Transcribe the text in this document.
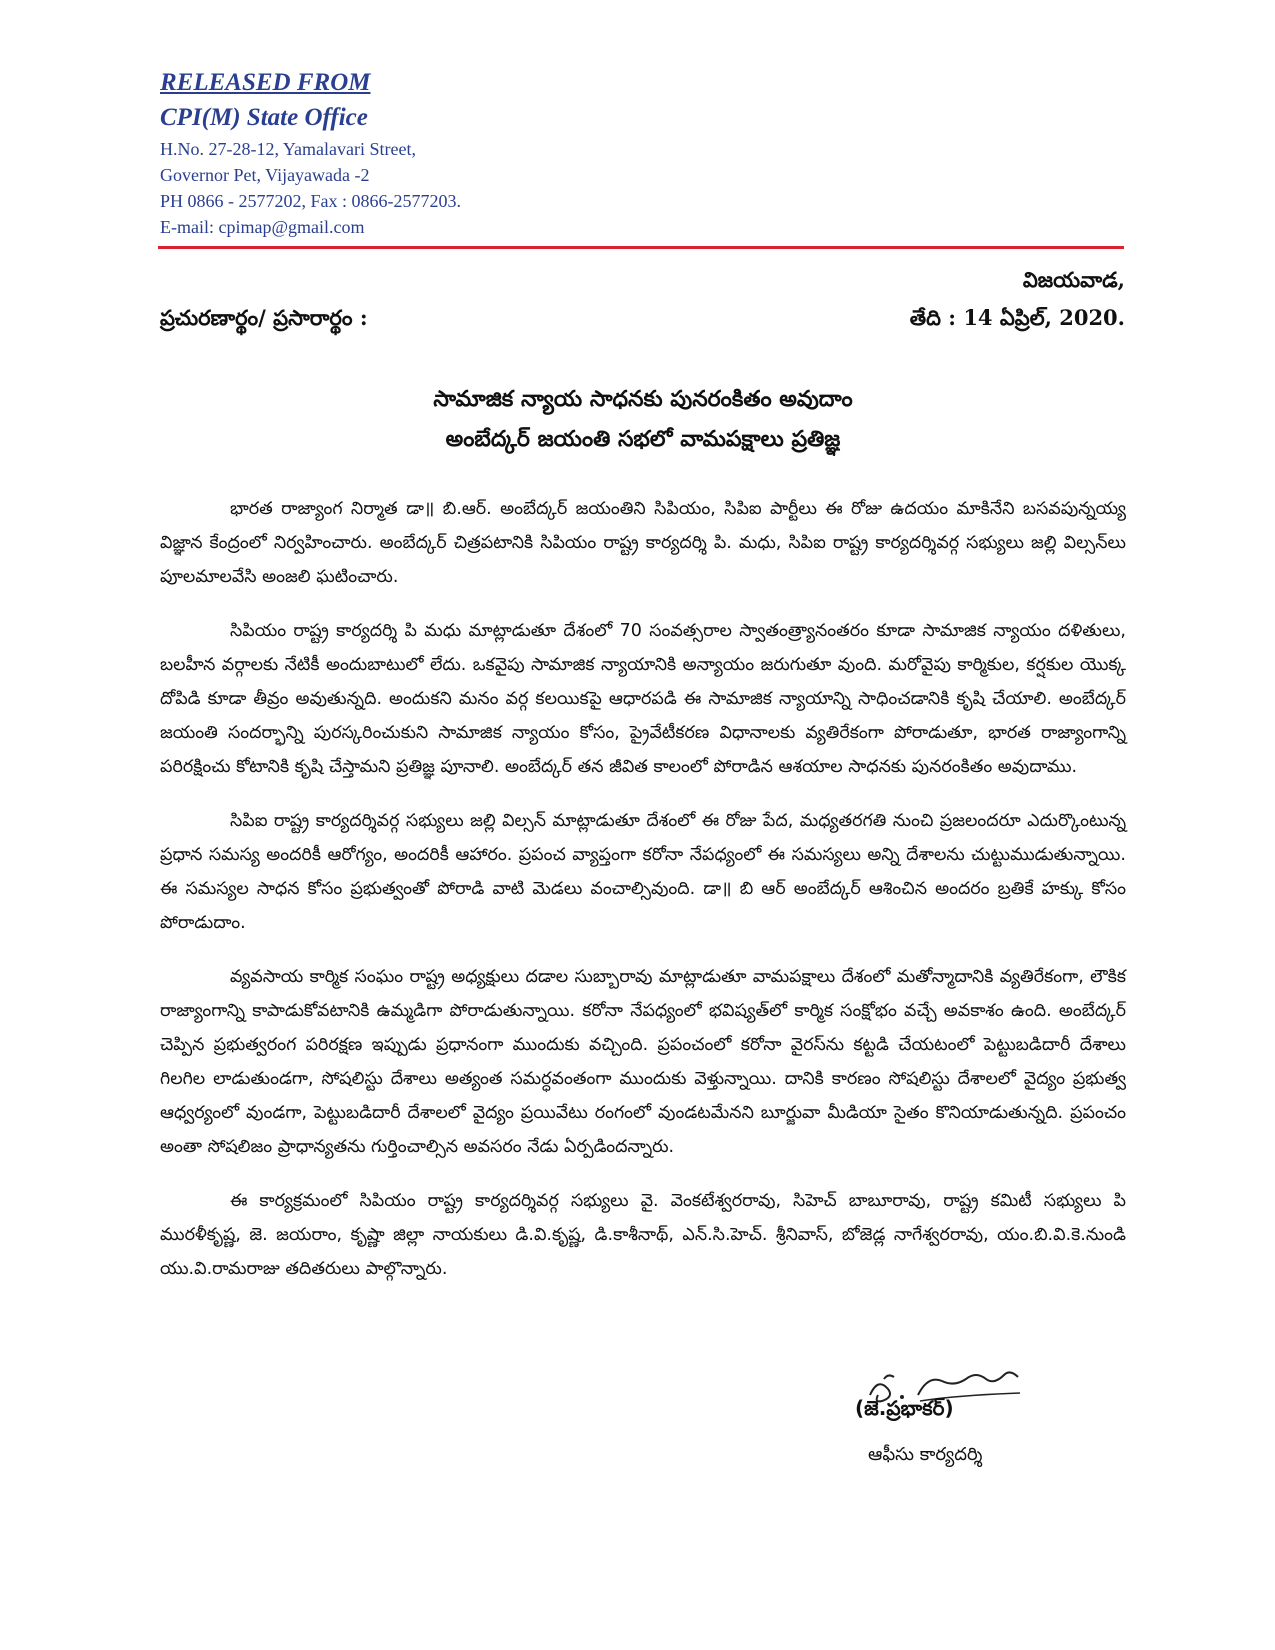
RELEASED FROM
CPI(M) State Office
H.No. 27-28-12, Yamalavari Street,
Governor Pet, Vijayawada -2
PH 0866 - 2577202, Fax : 0866-2577203.
E-mail: cpimap@gmail.com
విజయవాడ,
ప్రచురణార్థం/ ప్రసారార్థం :	తేది : 14 ఏప్రిల్, 2020.
సామాజిక న్యాయ సాధనకు పునరంకితం అవుదాం
అంబేద్కర్ జయంతి సభలో వామపక్షాలు ప్రతిజ్ఞ

భారత రాజ్యాంగ నిర్మాత డా॥ బి.ఆర్. అంబేద్కర్ జయంతిని సిపియం, సిపిఐ పార్టీలు ఈ రోజు ఉదయం మాకినేని బసవపున్నయ్య విజ్ఞాన కేంద్రంలో నిర్వహించారు. అంబేద్కర్ చిత్రపటానికి సిపియం రాష్ట్ర కార్యదర్శి పి. మధు, సిపిఐ రాష్ట్ర కార్యదర్శివర్గ సభ్యులు జల్లి విల్సన్‌లు పూలమాలవేసి అంజలి ఘటించారు.

సిపియం రాష్ట్ర కార్యదర్శి పి మధు మాట్లాడుతూ దేశంలో 70 సంవత్సరాల స్వాతంత్ర్యానంతరం కూడా సామాజిక న్యాయం దళితులు, బలహీన వర్గాలకు నేటికీ అందుబాటులో లేదు. ఒకవైపు సామాజిక న్యాయానికి అన్యాయం జరుగుతూ వుంది. మరోవైపు కార్మికుల, కర్షకుల యొక్క దోపిడి కూడా తీవ్రం అవుతున్నది. అందుకని మనం వర్గ కలయికపై ఆధారపడి ఈ సామాజిక న్యాయాన్ని సాధించడానికి కృషి చేయాలి. అంబేద్కర్ జయంతి సందర్భాన్ని పురస్కరించుకుని సామాజిక న్యాయం కోసం, ప్రైవేటీకరణ విధానాలకు వ్యతిరేకంగా పోరాడుతూ, భారత రాజ్యాంగాన్ని పరిరక్షించు కోటానికి కృషి చేస్తామని ప్రతిజ్ఞ పూనాలి. అంబేద్కర్ తన జీవిత కాలంలో పోరాడిన ఆశయాల సాధనకు పునరంకితం అవుదాము.

సిపిఐ రాష్ట్ర కార్యదర్శివర్గ సభ్యులు జల్లి విల్సన్ మాట్లాడుతూ దేశంలో ఈ రోజు పేద, మధ్యతరగతి నుంచి ప్రజలందరూ ఎదుర్కొంటున్న ప్రధాన సమస్య అందరికీ ఆరోగ్యం, అందరికీ ఆహారం. ప్రపంచ వ్యాప్తంగా కరోనా నేపధ్యంలో ఈ సమస్యలు అన్ని దేశాలను చుట్టుముడుతున్నాయి. ఈ సమస్యల సాధన కోసం ప్రభుత్వంతో పోరాడి వాటి మెడలు వంచాల్సివుంది. డా॥ బి ఆర్ అంబేద్కర్ ఆశించిన అందరం బ్రతికే హక్కు కోసం పోరాడుదాం.

వ్యవసాయ కార్మిక సంఘం రాష్ట్ర అధ్యక్షులు దడాల సుబ్బారావు మాట్లాడుతూ వామపక్షాలు దేశంలో మతోన్మాదానికి వ్యతిరేకంగా, లౌకిక రాజ్యాంగాన్ని కాపాడుకోవటానికి ఉమ్మడిగా పోరాడుతున్నాయి. కరోనా నేపధ్యంలో భవిష్యత్‌లో కార్మిక సంక్షోభం వచ్చే అవకాశం ఉంది. అంబేద్కర్ చెప్పిన ప్రభుత్వరంగ పరిరక్షణ ఇప్పుడు ప్రధానంగా ముందుకు వచ్చింది. ప్రపంచంలో కరోనా వైరస్‌ను కట్టడి చేయటంలో పెట్టుబడిదారీ దేశాలు గిలగిల లాడుతుండగా, సోషలిస్టు దేశాలు అత్యంత సమర్ధవంతంగా ముందుకు వెళ్తున్నాయి. దానికి కారణం సోషలిస్టు దేశాలలో వైద్యం ప్రభుత్వ ఆధ్వర్యంలో వుండగా, పెట్టుబడిదారీ దేశాలలో వైద్యం ప్రయివేటు రంగంలో వుండటమేనని బూర్జువా మీడియా సైతం కొనియాడుతున్నది. ప్రపంచం అంతా సోషలిజం ప్రాధాన్యతను గుర్తించాల్సిన అవసరం నేడు ఏర్పడిందన్నారు.

ఈ కార్యక్రమంలో సిపియం రాష్ట్ర కార్యదర్శివర్గ సభ్యులు వై. వెంకటేశ్వరరావు, సిహెచ్ బాబూరావు, రాష్ట్ర కమిటీ సభ్యులు పి మురళీకృష్ణ, జె. జయరాం, కృష్ణా జిల్లా నాయకులు డి.వి.కృష్ణ, డి.కాశీనాథ్, ఎన్.సి.హెచ్. శ్రీనివాస్, బోజెడ్ల నాగేశ్వరరావు, యం.బి.వి.కె.నుండి యు.వి.రామరాజు తదితరులు పాల్గొన్నారు.

(జె.ప్రభాకర్)
ఆఫీసు కార్యదర్శి
